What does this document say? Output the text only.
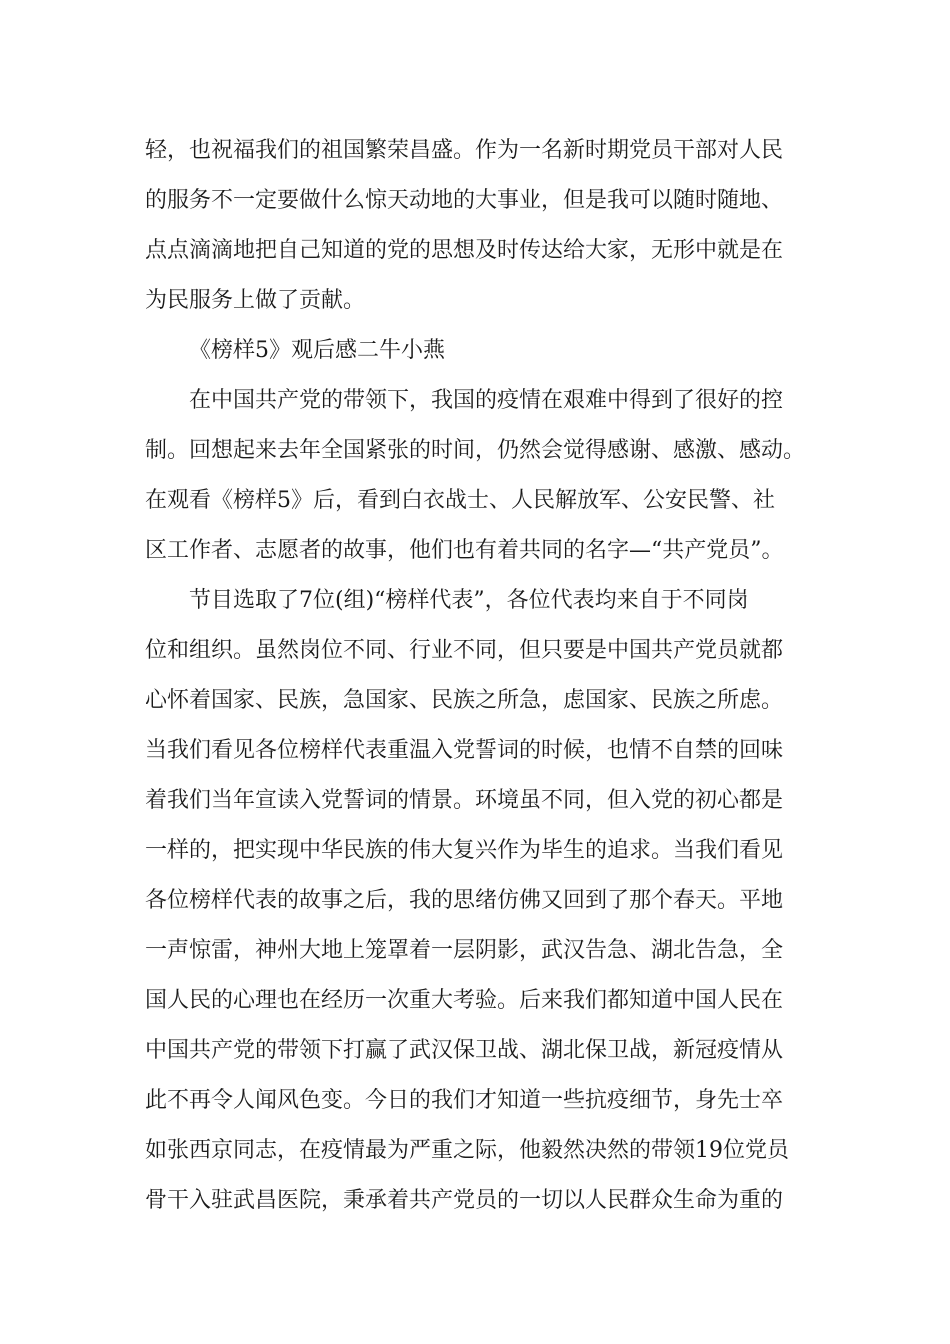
轻，也祝福我们的祖国繁荣昌盛。作为一名新时期党员干部对人民
的服务不一定要做什么惊天动地的大事业，但是我可以随时随地、
点点滴滴地把自己知道的党的思想及时传达给大家，无形中就是在
为民服务上做了贡献。
《榜样5》观后感二牛小燕
在中国共产党的带领下，我国的疫情在艰难中得到了很好的控
制。回想起来去年全国紧张的时间，仍然会觉得感谢、感激、感动。
在观看《榜样5》后，看到白衣战士、人民解放军、公安民警、社
区工作者、志愿者的故事，他们也有着共同的名字—“共产党员”。
节目选取了7位(组)“榜样代表”，各位代表均来自于不同岗
位和组织。虽然岗位不同、行业不同，但只要是中国共产党员就都
心怀着国家、民族，急国家、民族之所急，虑国家、民族之所虑。
当我们看见各位榜样代表重温入党誓词的时候，也情不自禁的回味
着我们当年宣读入党誓词的情景。环境虽不同，但入党的初心都是
一样的，把实现中华民族的伟大复兴作为毕生的追求。当我们看见
各位榜样代表的故事之后，我的思绪仿佛又回到了那个春天。平地
一声惊雷，神州大地上笼罩着一层阴影，武汉告急、湖北告急，全
国人民的心理也在经历一次重大考验。后来我们都知道中国人民在
中国共产党的带领下打赢了武汉保卫战、湖北保卫战，新冠疫情从
此不再令人闻风色变。今日的我们才知道一些抗疫细节，身先士卒
如张西京同志，在疫情最为严重之际，他毅然决然的带领19位党员
骨干入驻武昌医院，秉承着共产党员的一切以人民群众生命为重的
